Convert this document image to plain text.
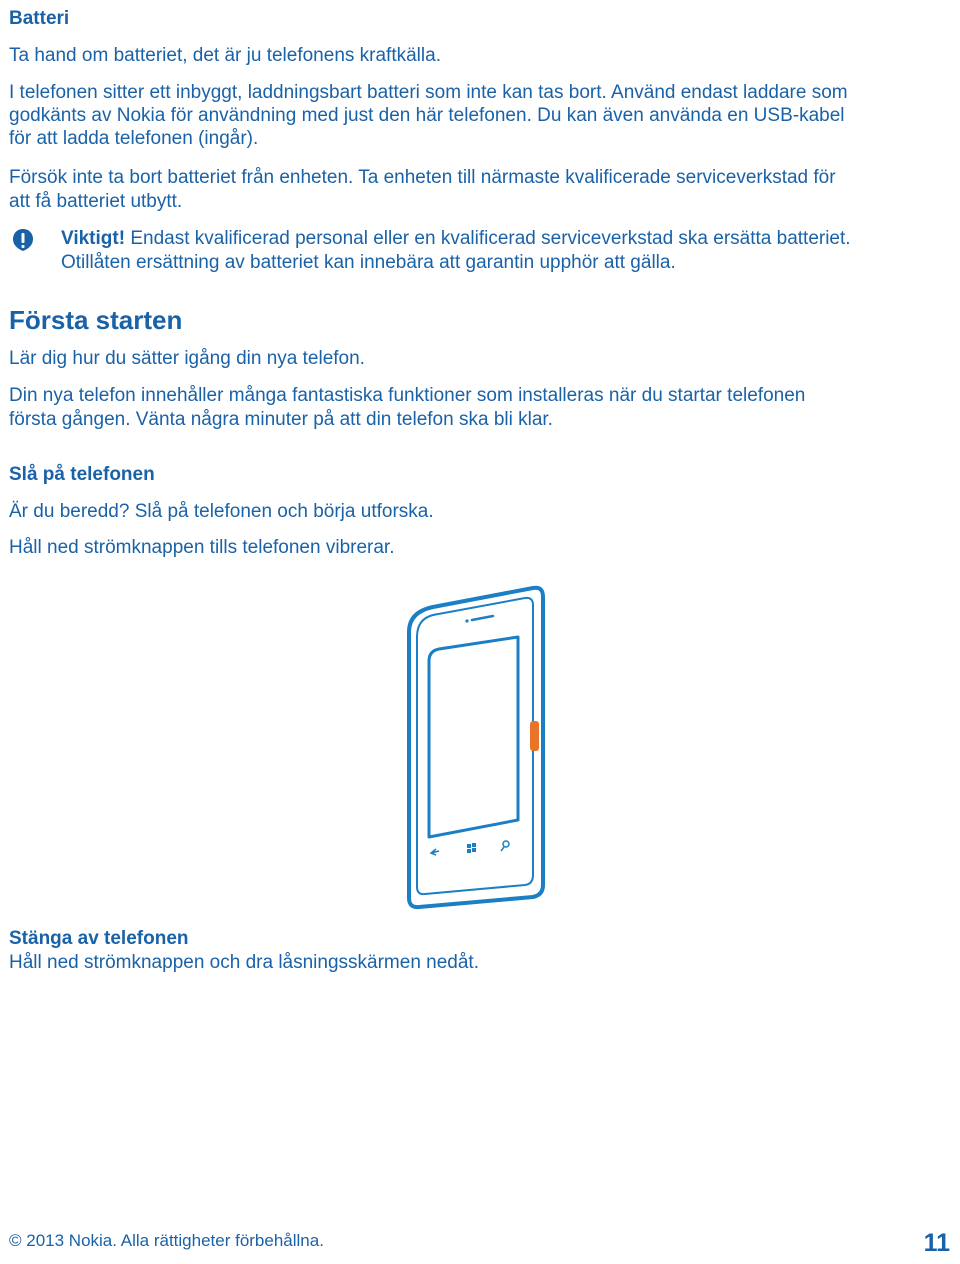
Batteri

Ta hand om batteriet, det är ju telefonens kraftkälla.

I telefonen sitter ett inbyggt, laddningsbart batteri som inte kan tas bort. Använd endast laddare som

godkänts av Nokia för användning med just den här telefonen. Du kan även använda en USB-kabel

för att ladda telefonen (ingår).

Försök inte ta bort batteriet från enheten. Ta enheten till närmaste kvalificerade serviceverkstad för

att få batteriet utbytt.

Viktigt! Endast kvalificerad personal eller en kvalificerad serviceverkstad ska ersätta batteriet.

Otillåten ersättning av batteriet kan innebära att garantin upphör att gälla.

Första starten

Lär dig hur du sätter igång din nya telefon.

Din nya telefon innehåller många fantastiska funktioner som installeras när du startar telefonen

första gången. Vänta några minuter på att din telefon ska bli klar.

Slå på telefonen

Är du beredd? Slå på telefonen och börja utforska.

Håll ned strömknappen tills telefonen vibrerar.

Stänga av telefonen

Håll ned strömknappen och dra låsningsskärmen nedåt.

© 2013 Nokia. Alla rättigheter förbehållna.	11
